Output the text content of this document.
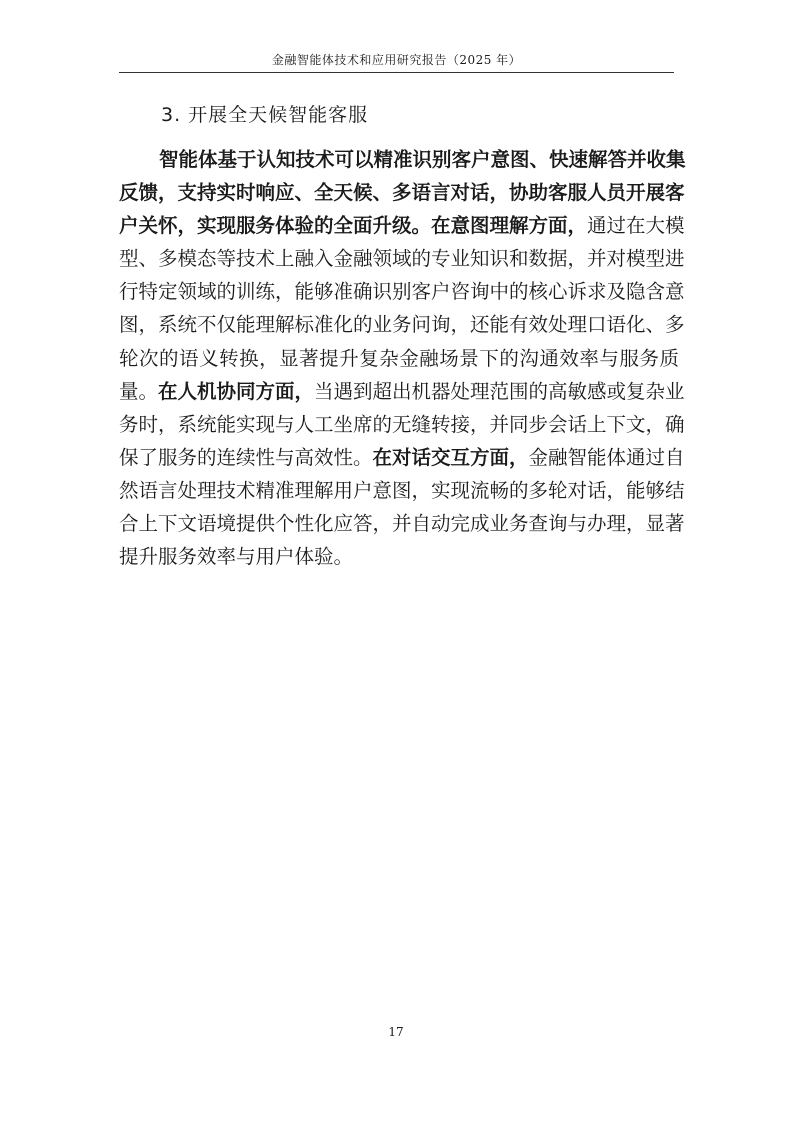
金融智能体技术和应用研究报告（2025 年）
3. 开展全天候智能客服
智能体基于认知技术可以精准识别客户意图、快速解答并收集
反馈，支持实时响应、全天候、多语言对话，协助客服人员开展客
户关怀，实现服务体验的全面升级。在意图理解方面，通过在大模
型、多模态等技术上融入金融领域的专业知识和数据，并对模型进
行特定领域的训练，能够准确识别客户咨询中的核心诉求及隐含意
图，系统不仅能理解标准化的业务问询，还能有效处理口语化、多
轮次的语义转换，显著提升复杂金融场景下的沟通效率与服务质
量。在人机协同方面，当遇到超出机器处理范围的高敏感或复杂业
务时，系统能实现与人工坐席的无缝转接，并同步会话上下文，确
保了服务的连续性与高效性。在对话交互方面，金融智能体通过自
然语言处理技术精准理解用户意图，实现流畅的多轮对话，能够结
合上下文语境提供个性化应答，并自动完成业务查询与办理，显著
提升服务效率与用户体验。
17
